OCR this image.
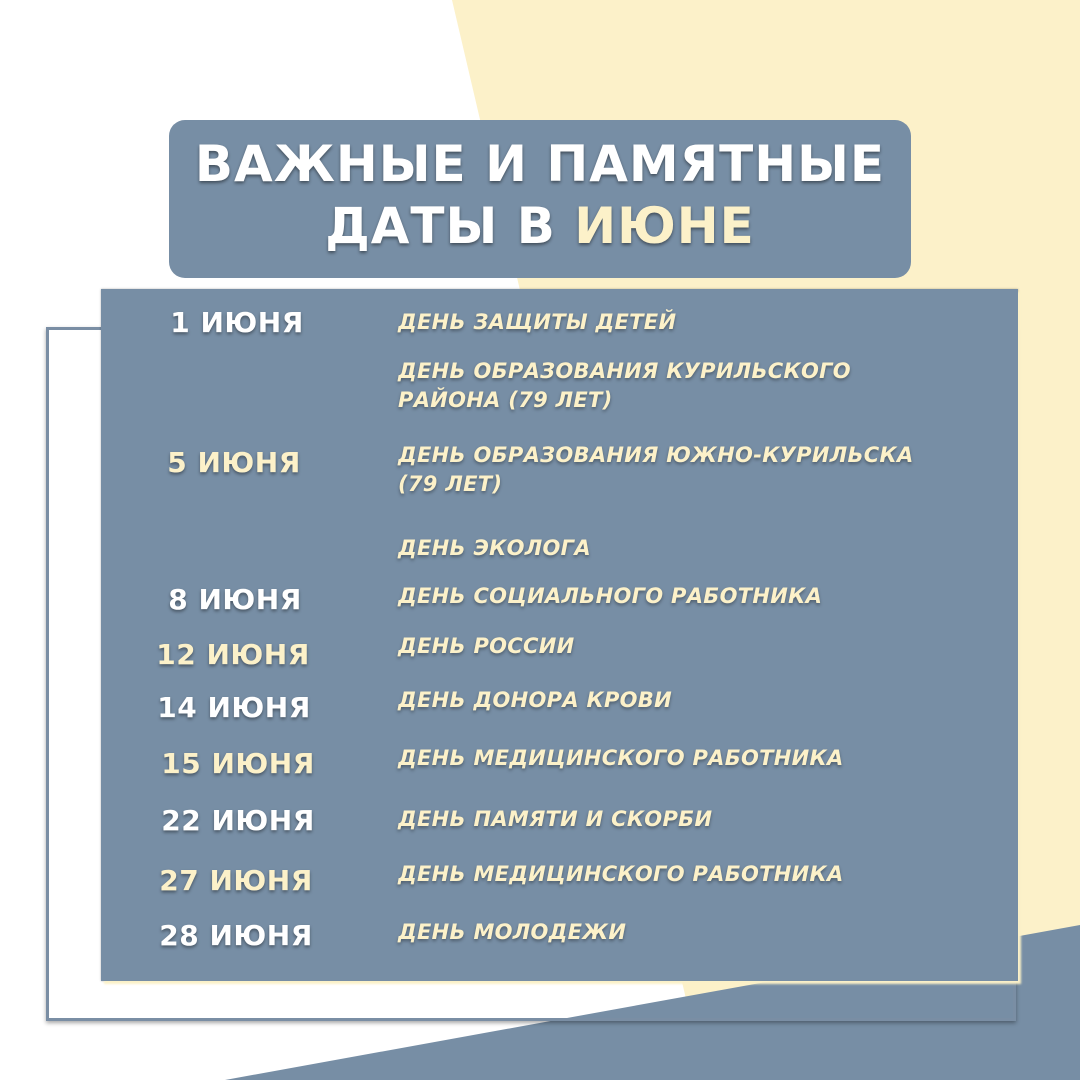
ВАЖНЫЕ И ПАМЯТНЫЕ
ДАТЫ В ИЮНЕ
1 ИЮНЯ
5 ИЮНЯ
8 ИЮНЯ
12 ИЮНЯ
14 ИЮНЯ
15 ИЮНЯ
22 ИЮНЯ
27 ИЮНЯ
28 ИЮНЯ
ДЕНЬ ЗАЩИТЫ ДЕТЕЙ
ДЕНЬ ОБРАЗОВАНИЯ КУРИЛЬСКОГО
РАЙОНА (79 ЛЕТ)
ДЕНЬ ОБРАЗОВАНИЯ ЮЖНО-КУРИЛЬСКА
(79 ЛЕТ)
ДЕНЬ ЭКОЛОГА
ДЕНЬ СОЦИАЛЬНОГО РАБОТНИКА
ДЕНЬ РОССИИ
ДЕНЬ ДОНОРА КРОВИ
ДЕНЬ МЕДИЦИНСКОГО РАБОТНИКА
ДЕНЬ ПАМЯТИ И СКОРБИ
ДЕНЬ МЕДИЦИНСКОГО РАБОТНИКА
ДЕНЬ МОЛОДЕЖИ
